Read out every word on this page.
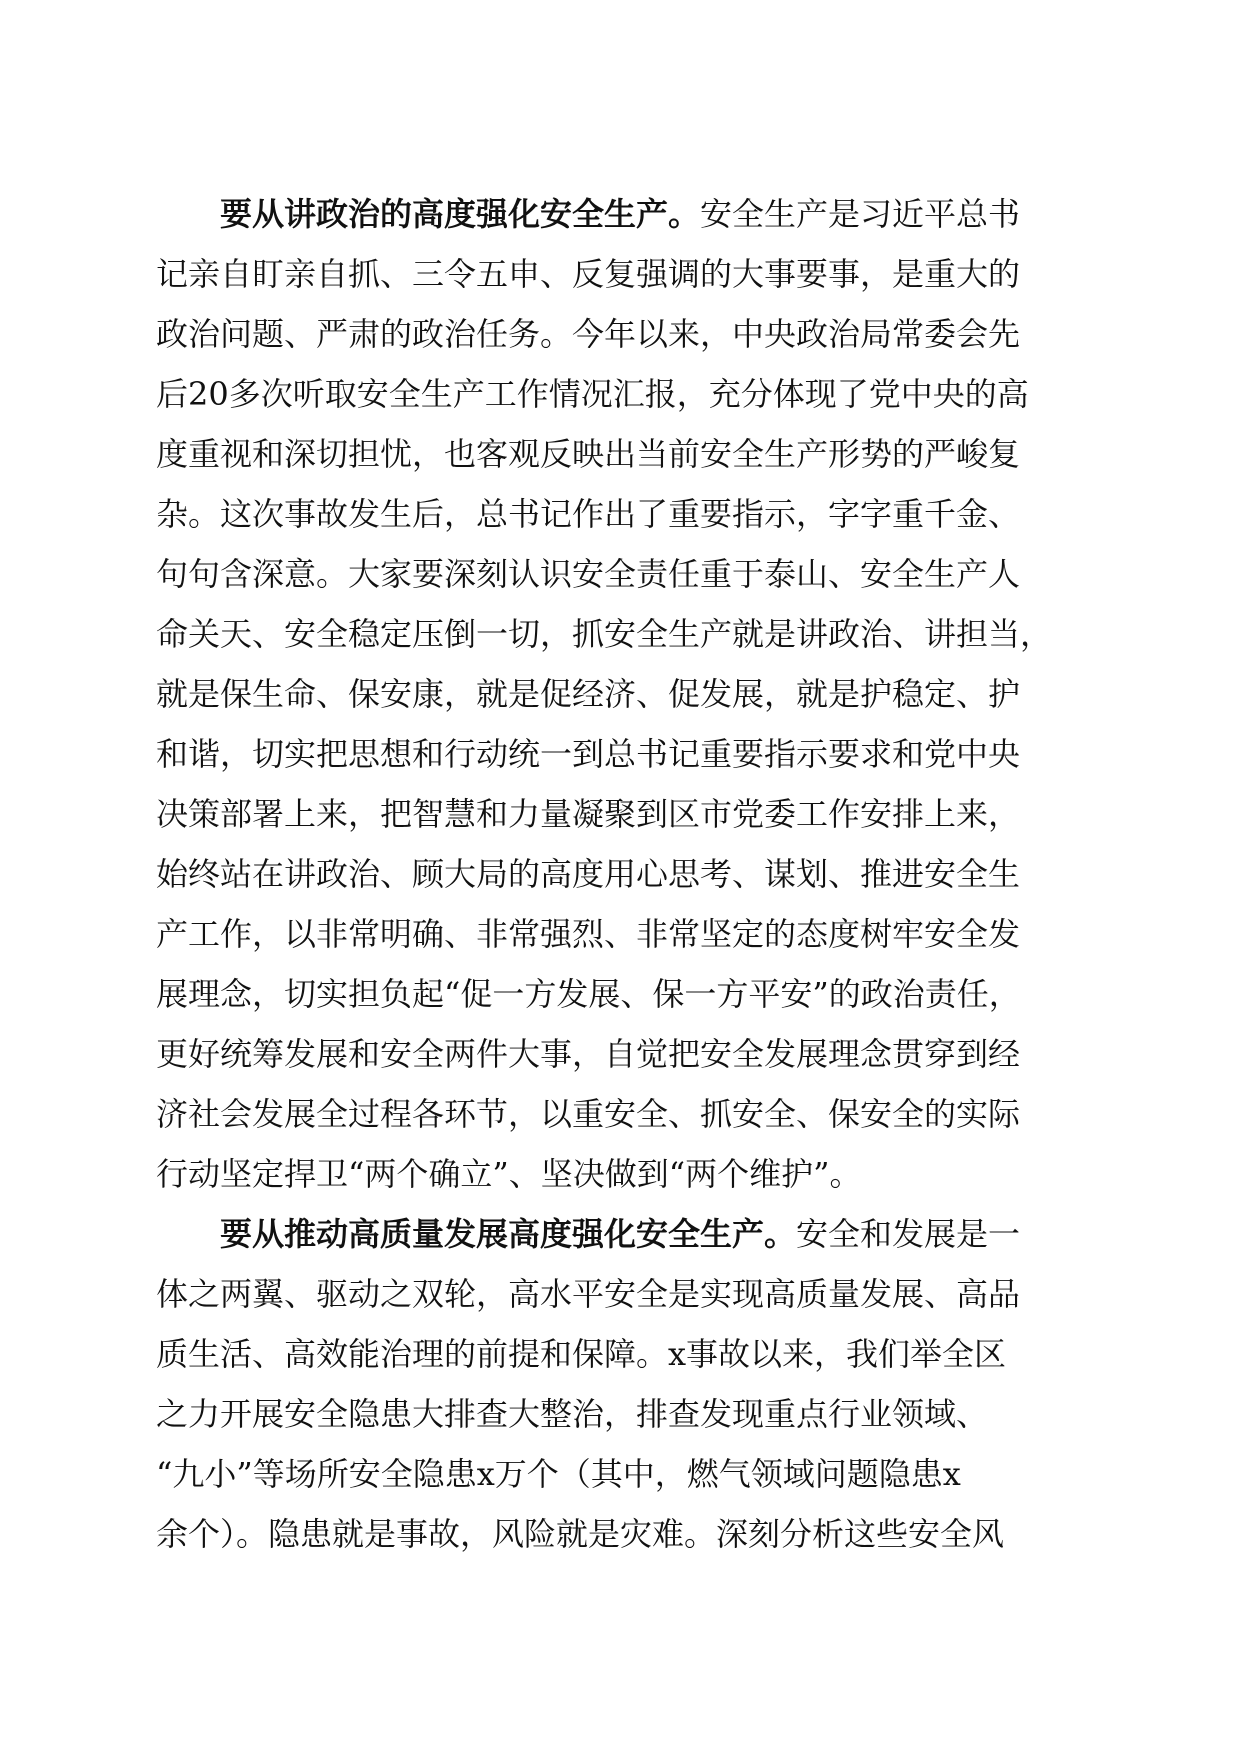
要从讲政治的高度强化安全生产。安全生产是习近平总书
记亲自盯亲自抓、三令五申、反复强调的大事要事，是重大的
政治问题、严肃的政治任务。今年以来，中央政治局常委会先
后20多次听取安全生产工作情况汇报，充分体现了党中央的高
度重视和深切担忧，也客观反映出当前安全生产形势的严峻复
杂。这次事故发生后，总书记作出了重要指示，字字重千金、
句句含深意。大家要深刻认识安全责任重于泰山、安全生产人
命关天、安全稳定压倒一切，抓安全生产就是讲政治、讲担当，
就是保生命、保安康，就是促经济、促发展，就是护稳定、护
和谐，切实把思想和行动统一到总书记重要指示要求和党中央
决策部署上来，把智慧和力量凝聚到区市党委工作安排上来，
始终站在讲政治、顾大局的高度用心思考、谋划、推进安全生
产工作，以非常明确、非常强烈、非常坚定的态度树牢安全发
展理念，切实担负起“促一方发展、保一方平安”的政治责任，
更好统筹发展和安全两件大事，自觉把安全发展理念贯穿到经
济社会发展全过程各环节，以重安全、抓安全、保安全的实际
行动坚定捍卫“两个确立”、坚决做到“两个维护”。
要从推动高质量发展高度强化安全生产。安全和发展是一
体之两翼、驱动之双轮，高水平安全是实现高质量发展、高品
质生活、高效能治理的前提和保障。x事故以来，我们举全区
之力开展安全隐患大排查大整治，排查发现重点行业领域、
“九小”等场所安全隐患x万个（其中，燃气领域问题隐患x
余个）。隐患就是事故，风险就是灾难。深刻分析这些安全风
